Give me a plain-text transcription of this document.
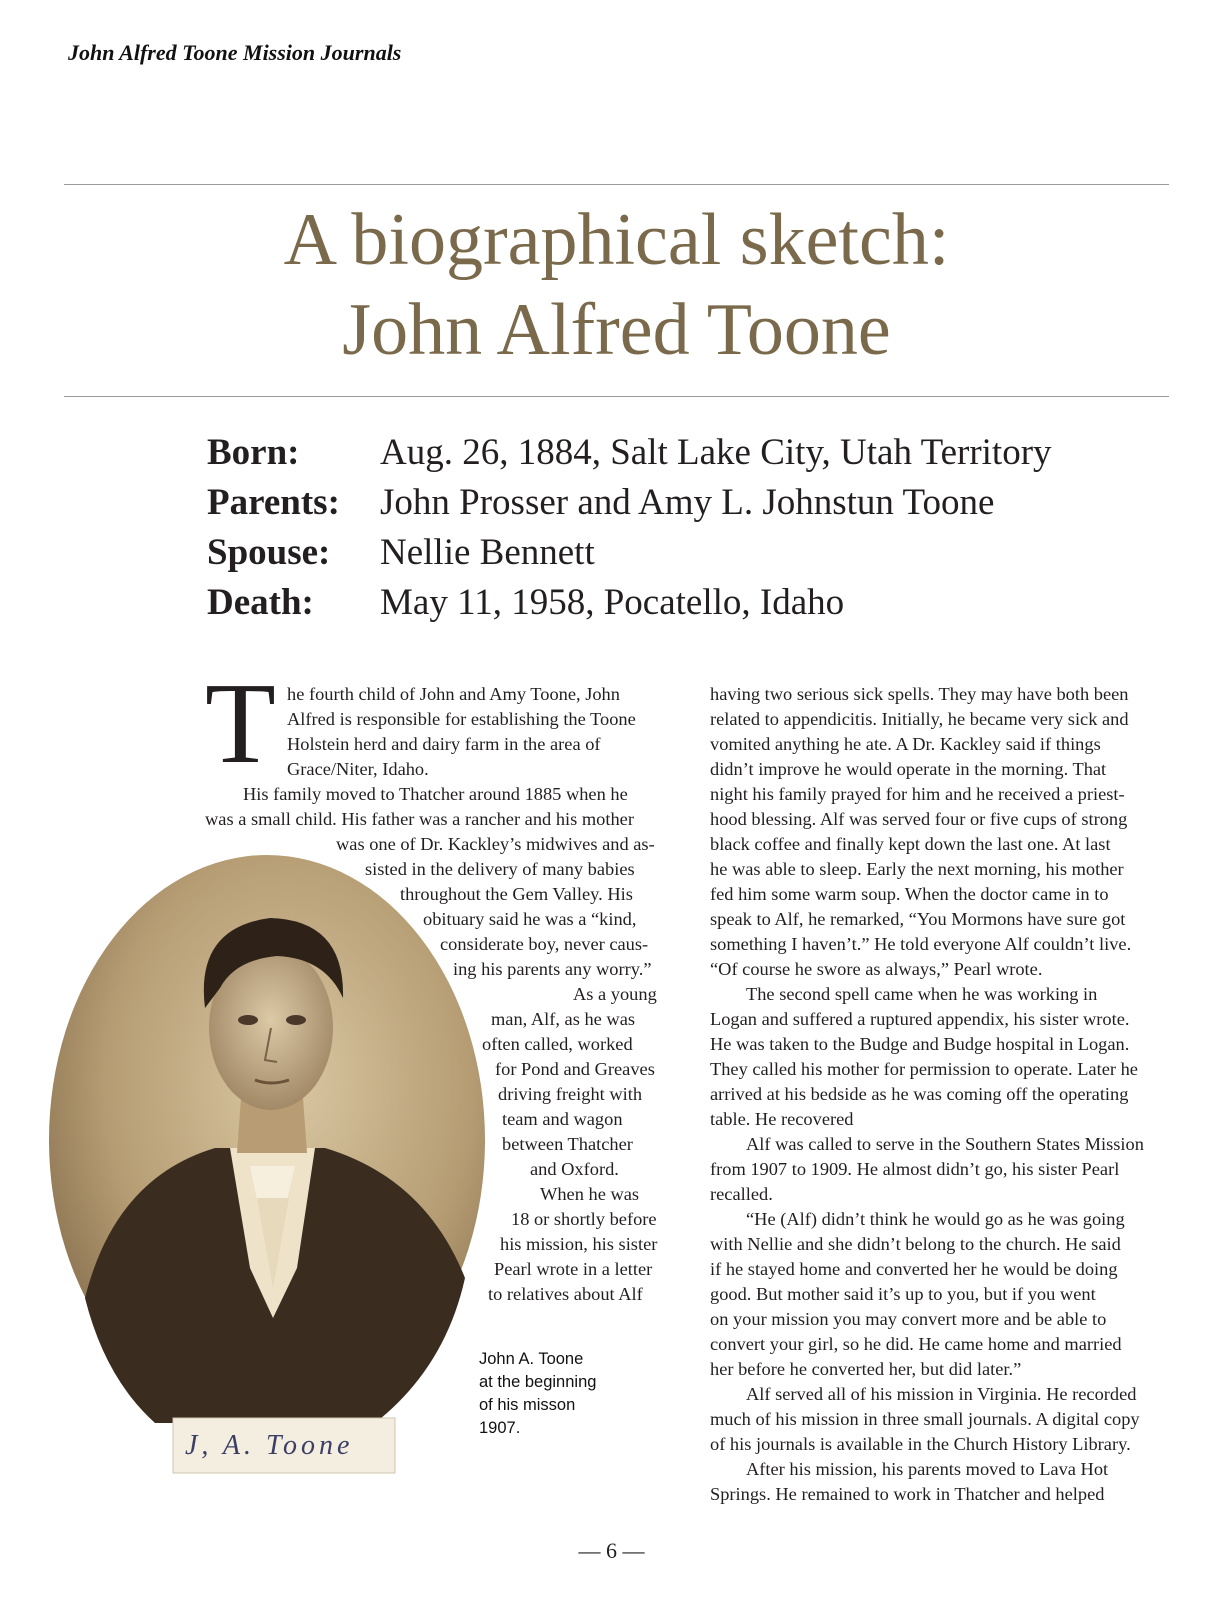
John Alfred Toone Mission Journals
A biographical sketch:
John Alfred Toone
Born: Aug. 26, 1884, Salt Lake City, Utah Territory
Parents: John Prosser and Amy L. Johnstun Toone
Spouse: Nellie Bennett
Death: May 11, 1958, Pocatello, Idaho
J, A. Toone
T he fourth child of John and Amy Toone, John
Alfred is responsible for establishing the Toone
Holstein herd and dairy farm in the area of
Grace/Niter, Idaho.
His family moved to Thatcher around 1885 when he
was a small child. His father was a rancher and his mother
was one of Dr. Kackley’s midwives and as-
sisted in the delivery of many babies
throughout the Gem Valley. His
obituary said he was a “kind,
considerate boy, never caus-
ing his parents any worry.”
As a young
man, Alf, as he was
often called, worked
for Pond and Greaves
driving freight with
team and wagon
between Thatcher
and Oxford.
When he was
18 or shortly before
his mission, his sister
Pearl wrote in a letter
to relatives about Alf
John A. Toone
at the beginning
of his misson
1907.
having two serious sick spells. They may have both been
related to appendicitis. Initially, he became very sick and
vomited anything he ate. A Dr. Kackley said if things
didn’t improve he would operate in the morning. That
night his family prayed for him and he received a priest-
hood blessing. Alf was served four or five cups of strong
black coffee and finally kept down the last one. At last
he was able to sleep. Early the next morning, his mother
fed him some warm soup. When the doctor came in to
speak to Alf, he remarked, “You Mormons have sure got
something I haven’t.” He told everyone Alf couldn’t live.
“Of course he swore as always,” Pearl wrote.
The second spell came when he was working in
Logan and suffered a ruptured appendix, his sister wrote.
He was taken to the Budge and Budge hospital in Logan.
They called his mother for permission to operate. Later he
arrived at his bedside as he was coming off the operating
table. He recovered
Alf was called to serve in the Southern States Mission
from 1907 to 1909. He almost didn’t go, his sister Pearl
recalled.
“He (Alf) didn’t think he would go as he was going
with Nellie and she didn’t belong to the church. He said
if he stayed home and converted her he would be doing
good. But mother said it’s up to you, but if you went
on your mission you may convert more and be able to
convert your girl, so he did. He came home and married
her before he converted her, but did later.”
Alf served all of his mission in Virginia. He recorded
much of his mission in three small journals. A digital copy
of his journals is available in the Church History Library.
After his mission, his parents moved to Lava Hot
Springs. He remained to work in Thatcher and helped
— 6 —
